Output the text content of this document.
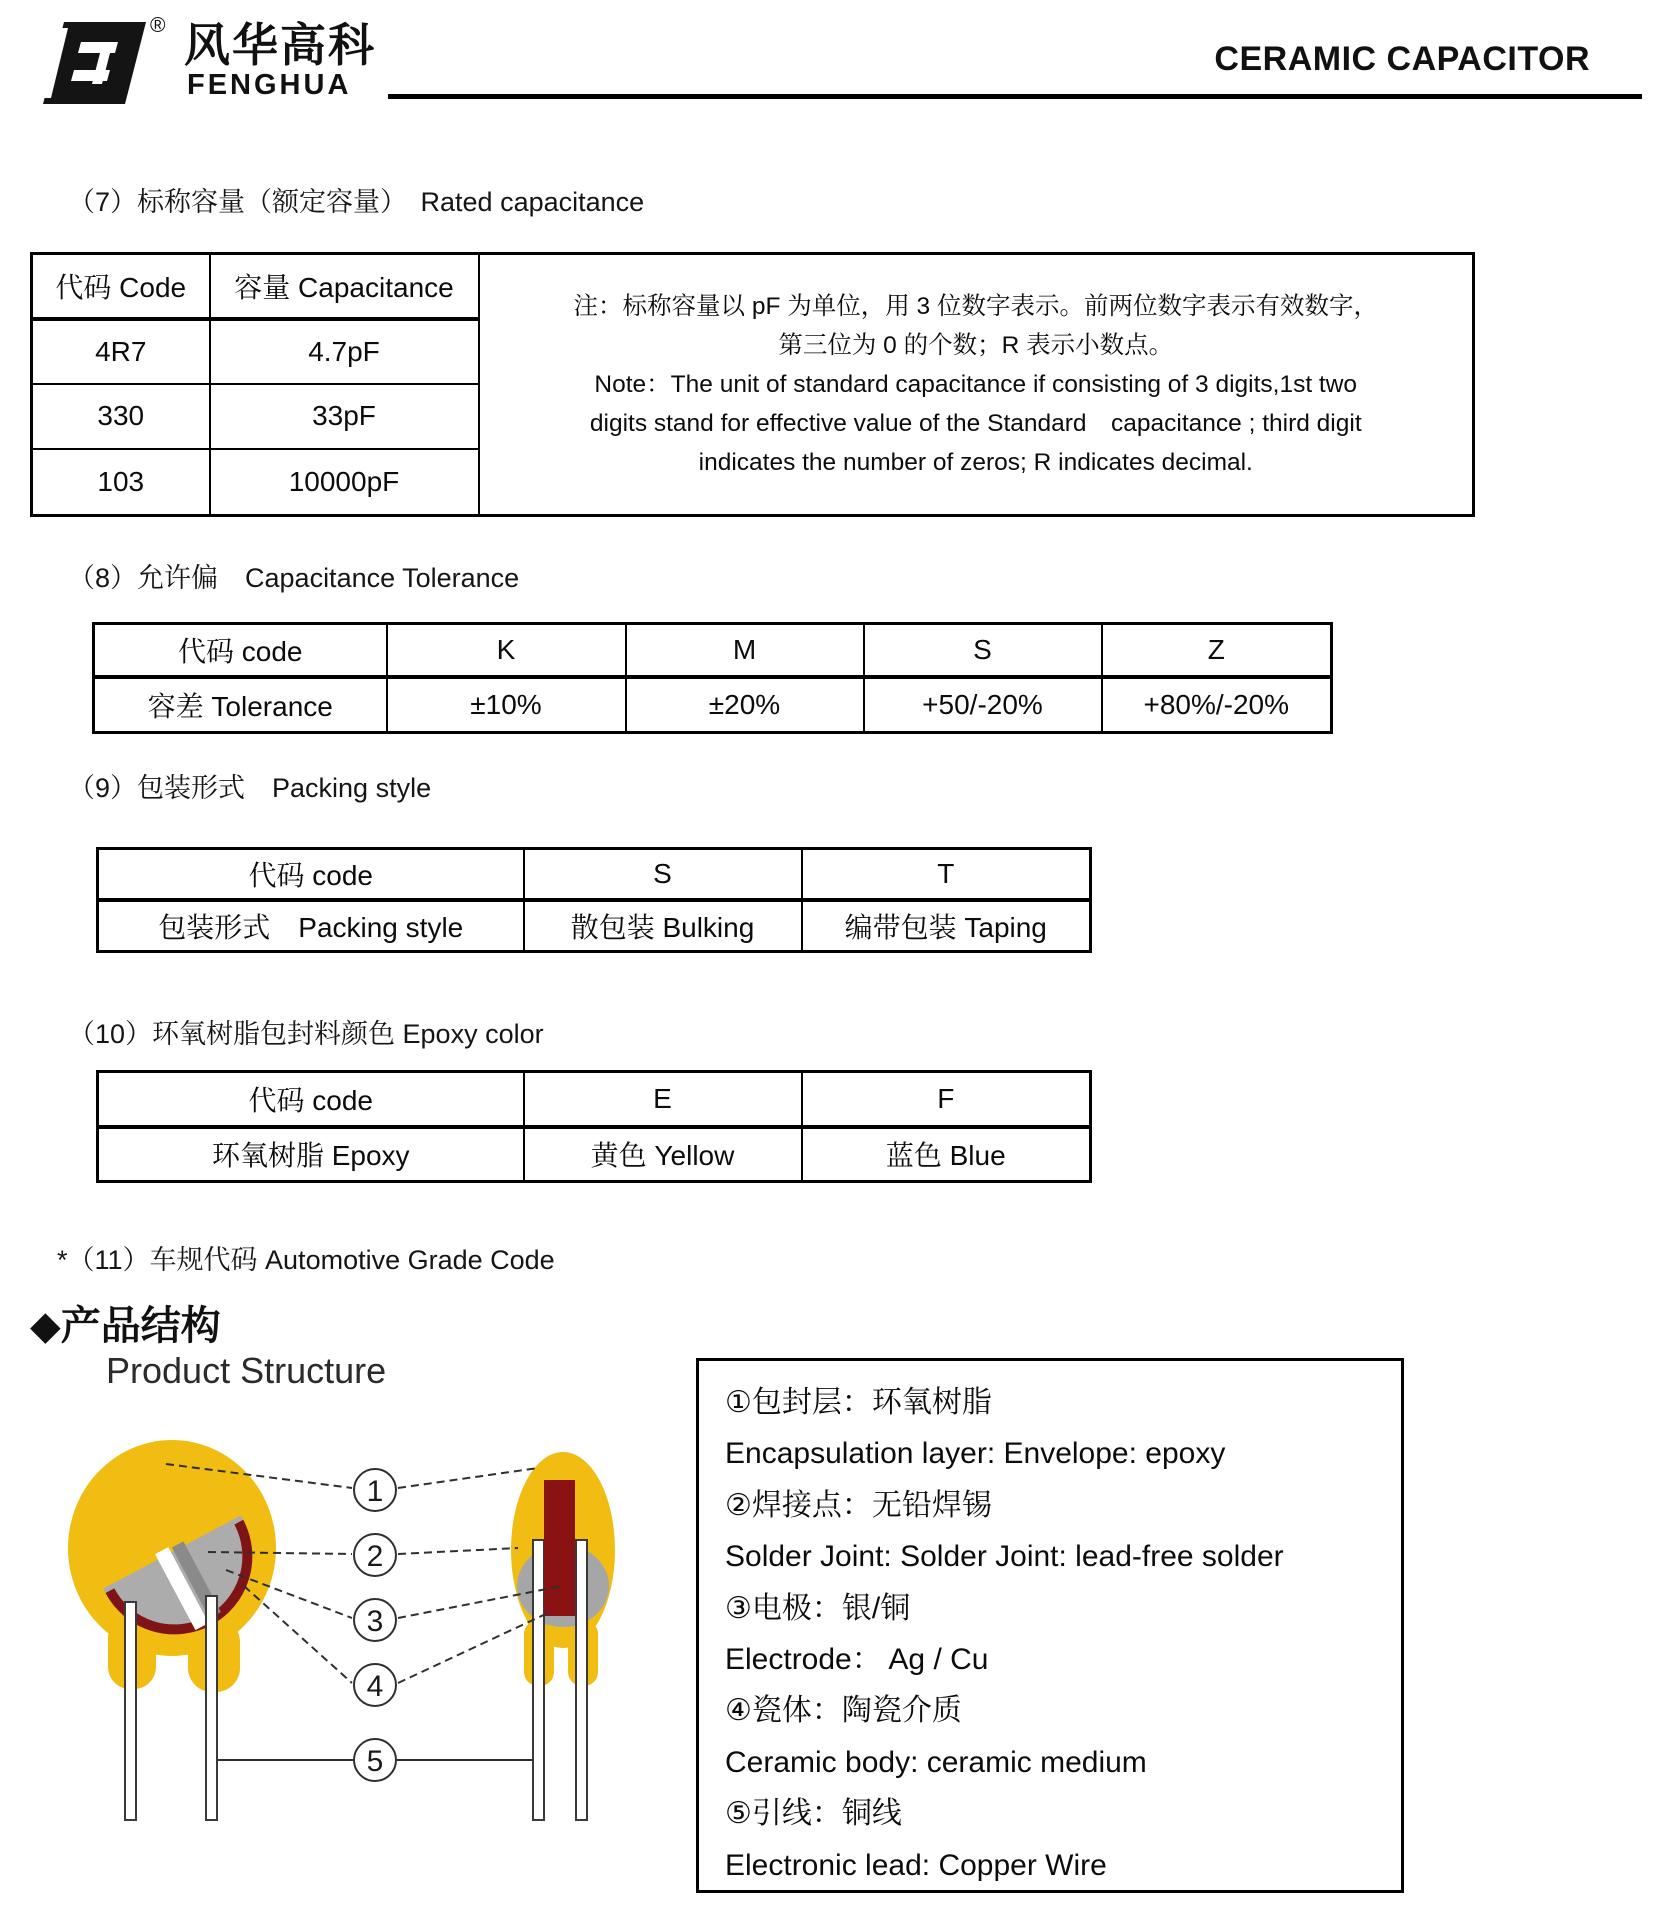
® 风华高科
FENGHUA
CERAMIC CAPACITOR
（7）标称容量（额定容量）　Rated capacitance
代码 Code	容量 Capacitance	注：标称容量以 pF 为单位，用 3 位数字表示。前两位数字表示有效数字，
第三位为 0 的个数；R 表示小数点。
Note：The unit of standard capacitance if consisting of 3 digits,1st two
digits stand for effective value of the Standard　capacitance ; third digit
indicates the number of zeros; R indicates decimal.

4R7	4.7pF	
330	33pF	
103	10000pF	
（8）允许偏　Capacitance Tolerance
代码 code	K	M	S	Z
容差 Tolerance	±10%	±20%	+50/-20%	+80%/-20%
（9）包装形式　Packing style
代码 code	S	T
包装形式　Packing style	散包装 Bulking	编带包装 Taping
（10）环氧树脂包封料颜色 Epoxy color
代码 code	E	F
环氧树脂 Epoxy	黄色 Yellow	蓝色 Blue
*（11）车规代码 Automotive Grade Code
◆产品结构
Product Structure
1
2
3
4
5
①包封层：环氧树脂
Encapsulation layer: Envelope: epoxy
②焊接点：无铅焊锡
Solder Joint: Solder Joint: lead-free solder
③电极：银/铜
Electrode： Ag / Cu
④瓷体：陶瓷介质
Ceramic body: ceramic medium
⑤引线：铜线
Electronic lead: Copper Wire
